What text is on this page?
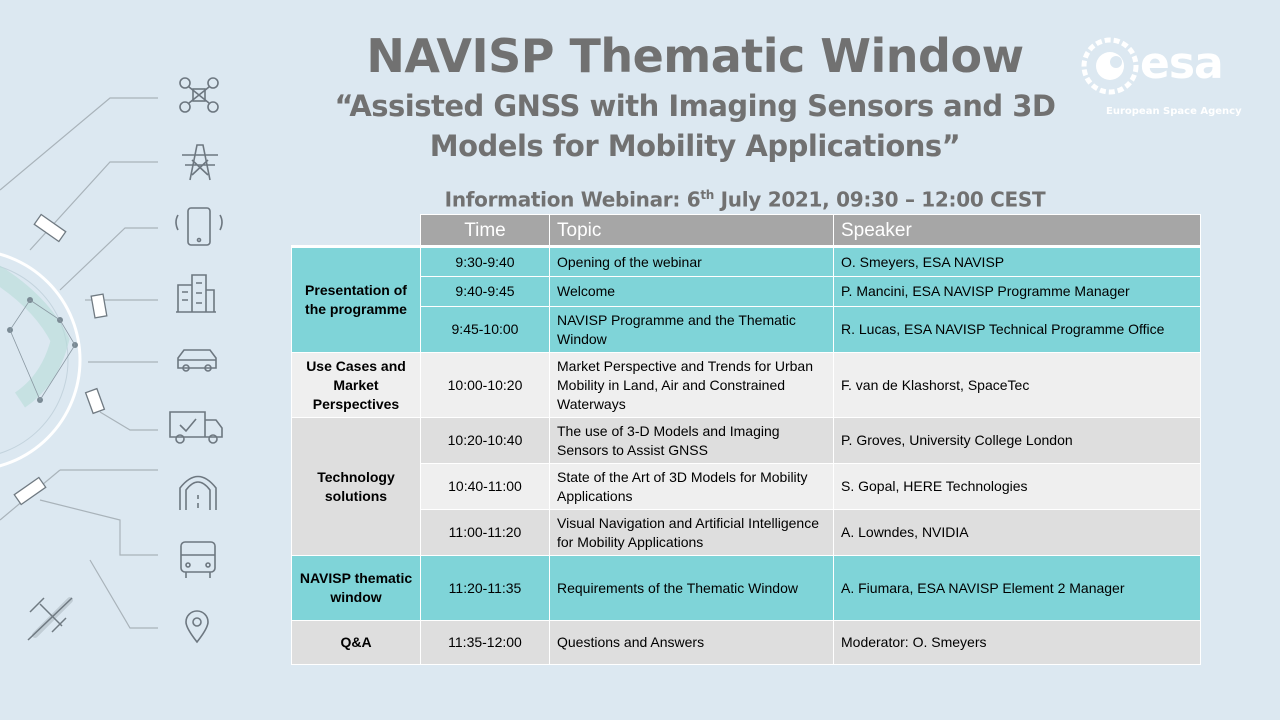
esa
European Space Agency
NAVISP Thematic Window
“Assisted GNSS with Imaging Sensors and 3D
Models for Mobility Applications”
Information Webinar: 6th July 2021, 09:30 – 12:00 CEST
	Time	Topic	Speaker
Presentation of the programme	9:30-9:40	Opening of the webinar	O. Smeyers, ESA NAVISP
	9:40-9:45	Welcome	P. Mancini, ESA NAVISP Programme Manager
	9:45-10:00	NAVISP Programme and the Thematic Window	R. Lucas, ESA NAVISP Technical Programme Office
Use Cases and Market Perspectives	10:00-10:20	Market Perspective and Trends for Urban Mobility in Land, Air and Constrained Waterways	F. van de Klashorst, SpaceTec
Technology solutions	10:20-10:40	The use of 3-D Models and Imaging Sensors to Assist GNSS	P. Groves, University College London
	10:40-11:00	State of the Art of 3D Models for Mobility Applications	S. Gopal, HERE Technologies
	11:00-11:20	Visual Navigation and Artificial Intelligence for Mobility Applications	A. Lowndes, NVIDIA
NAVISP thematic window	11:20-11:35	Requirements of the Thematic Window	A. Fiumara, ESA NAVISP Element 2 Manager
Q&A	11:35-12:00	Questions and Answers	Moderator: O. Smeyers
